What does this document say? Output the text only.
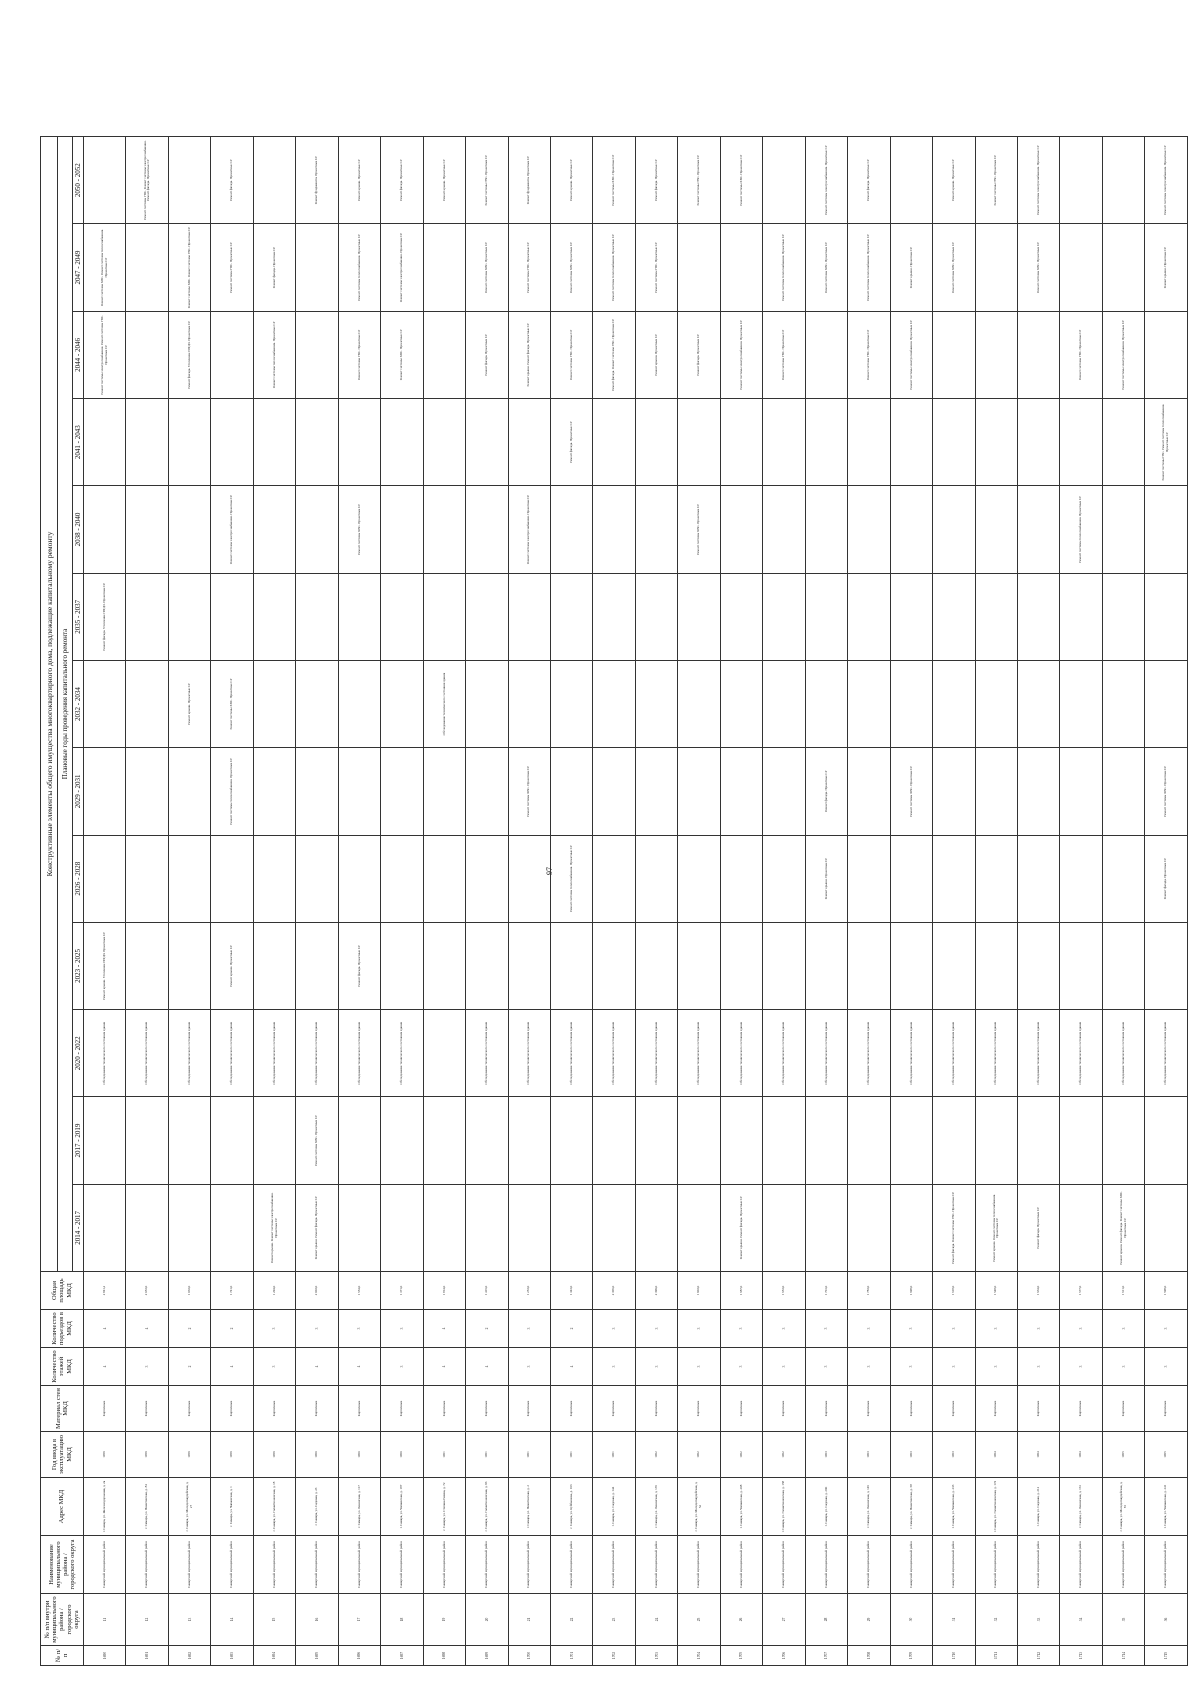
97
№ п/п	№ п/п внутри муниципального района / городского округа	Наименование муниципального района / городского округа	Адрес МКД	Год ввода в эксплуатацию МКД	Материал стен МКД	Количество этажей МКД	Количество подъездов в МКД	Общая площадь МКД	Конструктивные элементы общего имущества многоквартирного дома, подлежащие капитальному ремонту												
									Плановые годы проведения капитального ремонта												
									2014 - 2017	2017 - 2019	2020 - 2022	2023 - 2025	2026 - 2028	2029 - 2031	2032 - 2034	2035 - 2037	2038 - 2040	2041 - 2043	2044 - 2046	2047 - 2049	2050 - 2052
1690	11	Самарский муниципальный район	г. Самара, ул. Железнодорожная, д. 2а	1959	Кирпичные	4	4	2 841,2			Обследование технического состояния здания	Ремонт крыши. Утепление ПП/ДЗ. Проектные СР				Ремонт фасада. Утепление ПП/ДЗ. Проектные СР			Ремонт системы электроснабжения. Ремонт системы ГВС. Проектные СР	Ремонт системы ХВС. Ремонт системы теплоснабжения. Проектные СР	
1691	12	Самарский муниципальный район	г. Самара, ул. Никитинская, д. 84	1959	Кирпичные	3	4	2 053,0			Обследование технического состояния здания										Ремонт системы ГВС. Ремонт системы электроснабжения. Ремонт фасада. Проектные СР
1692	13	Самарский муниципальный район	г. Самара, ул. Молодогвардейская, д. 27	1959	Кирпичные	2	2	1 063,0			Обследование технического состояния здания				Ремонт крыши. Проектные СР				Ремонт фасада. Утепление ПП/ДЗ. Проектные СР	Ремонт системы ХВС. Ремонт системы ГВС. Проектные СР	
1693	14	Самарский муниципальный район	г. Самара, ул. Чапаевская, д. 1	1959	Кирпичные	4	2	1 741,0			Обследование технического состояния здания	Ремонт крыши. Проектные СР		Ремонт системы теплоснабжения. Проектные СР	Ремонт системы ХВС. Проектные СР		Ремонт системы электроснабжения. Проектные СР			Ремонт системы ГВС. Проектные СР	Ремонт фасада. Проектные СР
1694	15	Самарский муниципальный район	г. Самара, ул. Галактионовская, д. 18	1959	Кирпичные	3	3	1 294,0	Ремонт крыши. Ремонт системы электроснабжения. Проектные СР		Обследование технического состояния здания								Ремонт системы теплоснабжения. Проектные СР	Ремонт фасада. Проектные СР	
1695	16	Самарский муниципальный район	г. Самара, ул. Садовая, д. 23	1960	Кирпичные	4	3	2 003,0	Ремонт крыши. Ремонт фасада. Проектные СР	Ремонт системы ХВС. Проектные СР	Обследование технического состояния здания										Ремонт фундамента. Проектные СР
1696	17	Самарский муниципальный район	г. Самара, ул. Ленинская, д. 117	1960	Кирпичные	4	3	1 554,0			Обследование технического состояния здания	Ремонт фасада. Проектные СР					Ремонт системы ХВС. Проектные СР		Ремонт системы ГВС. Проектные СР	Ремонт системы теплоснабжения. Проектные СР	Ремонт крыши. Проектные СР
1697	18	Самарский муниципальный район	г. Самара, ул. Чапаевская, д. 187	1960	Кирпичные	3	3	1 371,0			Обследование технического состояния здания								Ремонт системы ХВС. Проектные СР	Ремонт системы электроснабжения. Проектные СР	Ремонт фасада. Проектные СР
1698	19	Самарский муниципальный район	г. Самара, ул. Степана Разина, д. 72	1961	Кирпичные	4	4	1 814,0							Обследование технического состояния здания						Ремонт крыши. Проектные СР
1699	20	Самарский муниципальный район	г. Самара, ул. Галактионовская, д. 96	1961	Кирпичные	4	2	1 416,0			Обследование технического состояния здания								Ремонт фасада. Проектные СР	Ремонт системы ХВС. Проектные СР	Ремонт системы ГВС. Проектные СР
1700	21	Самарский муниципальный район	г. Самара, ул. Никитинская, д. 2	1961	Кирпичные	3	3	1 253,0			Обследование технического состояния здания			Ремонт системы ХВС. Проектные СР			Ремонт системы электроснабжения. Проектные СР		Ремонт крыши. Ремонт фасада. Проектные СР	Ремонт системы ГВС. Проектные СР	Ремонт фундамента. Проектные СР
1701	22	Самарский муниципальный район	г. Самара, ул. Куйбышева, д. 103	1961	Кирпичные	4	2	1 343,0			Обследование технического состояния здания		Ремонт системы теплоснабжения. Проектные СР					Ремонт фасада. Проектные СР	Ремонт системы ГВС. Проектные СР	Ремонт системы ХВС. Проектные СР	Ремонт крыши. Проектные СР
1702	23	Самарский муниципальный район	г. Самара, ул. Садовая, д. 144	1961	Кирпичные	3	3	2 305,0			Обследование технического состояния здания								Ремонт фасада. Ремонт системы ГВС. Проектные СР	Ремонт системы теплоснабжения. Проектные СР	Ремонт системы ХВС. Проектные СР
1703	24	Самарский муниципальный район	г. Самара, ул. Ленинская, д. 135	1962	Кирпичные	3	3	2 399,0			Обследование технического состояния здания								Ремонт крыши. Проектные СР	Ремонт системы ГВС. Проектные СР	Ремонт фасада. Проектные СР
1704	25	Самарский муниципальный район	г. Самара, ул. Молодогвардейская, д. 52	1962	Кирпичные	3	3	1 903,0			Обследование технического состояния здания						Ремонт системы ХВС. Проектные СР		Ремонт фасада. Проектные СР		Ремонт системы ГВС. Проектные СР
1705	26	Самарский муниципальный район	г. Самара, ул. Чапаевская, д. 208	1962	Кирпичные	3	3	1 687,0	Ремонт крыши. Ремонт фасада. Проектные СР		Обследование технического состояния здания								Ремонт системы электроснабжения. Проектные СР		Ремонт системы ХВС. Проектные СР
1706	27	Самарский муниципальный район	г. Самара, ул. Галактионовская, д. 158	1962	Кирпичные	3	3	1 653,0			Обследование технического состояния здания								Ремонт системы ГВС. Проектные СР	Ремонт системы теплоснабжения. Проектные СР	
1707	28	Самарский муниципальный район	г. Самара, ул. Садовая, д. 200	1963	Кирпичные	3	3	1 701,0			Обследование технического состояния здания		Ремонт крыши. Проектные СР	Ремонт фасада. Проектные СР						Ремонт системы ХВС. Проектные СР	Ремонт системы электроснабжения. Проектные СР
1708	29	Самарский муниципальный район	г. Самара, ул. Ленинская, д. 146	1963	Кирпичные	3	3	1 783,0			Обследование технического состояния здания								Ремонт системы ГВС. Проектные СР	Ремонт системы теплоснабжения. Проектные СР	Ремонт фасада. Проектные СР
1709	30	Самарский муниципальный район	г. Самара, ул. Никитинская, д. 68	1963	Кирпичные	3	3	1 698,0			Обследование технического состояния здания			Ремонт системы ХВС. Проектные СР					Ремонт системы электроснабжения. Проектные СР	Ремонт крыши. Проектные СР	
1710	31	Самарский муниципальный район	г. Самара, ул. Чапаевская, д. 233	1963	Кирпичные	3	3	1 618,0	Ремонт фасада. Ремонт системы ГВС. Проектные СР		Обследование технического состояния здания									Ремонт системы ХВС. Проектные СР	Ремонт крыши. Проектные СР
1711	32	Самарский муниципальный район	г. Самара, ул. Галактионовская, д. 174	1964	Кирпичные	3	3	1 548,0	Ремонт крыши. Ремонт системы теплоснабжения. Проектные СР		Обследование технического состояния здания										Ремонт системы ГВС. Проектные СР
1712	33	Самарский муниципальный район	г. Самара, ул. Садовая, д. 212	1964	Кирпичные	3	3	1 634,0	Ремонт фасада. Проектные СР		Обследование технического состояния здания									Ремонт системы ХВС. Проектные СР	Ремонт системы электроснабжения. Проектные СР
1713	34	Самарский муниципальный район	г. Самара, ул. Ленинская, д. 161	1964	Кирпичные	3	3	1 577,0			Обследование технического состояния здания						Ремонт системы теплоснабжения. Проектные СР		Ремонт системы ГВС. Проектные СР		
1714	35	Самарский муниципальный район	г. Самара, ул. Молодогвардейская, д. 81	1965	Кирпичные	3	3	1 611,0	Ремонт крыши. Ремонт фасада. Ремонт системы ХВС. Проектные СР		Обследование технического состояния здания								Ремонт системы электроснабжения. Проектные СР		
1715	36	Самарский муниципальный район	г. Самара, ул. Чапаевская, д. 241	1965	Кирпичные	3	3	1 598,0			Обследование технического состояния здания		Ремонт фасада. Проектные СР	Ремонт системы ХВС. Проектные СР				Ремонт системы ГВС. Ремонт системы теплоснабжения. Проектные СР		Ремонт крыши. Проектные СР	Ремонт системы электроснабжения. Проектные СР
